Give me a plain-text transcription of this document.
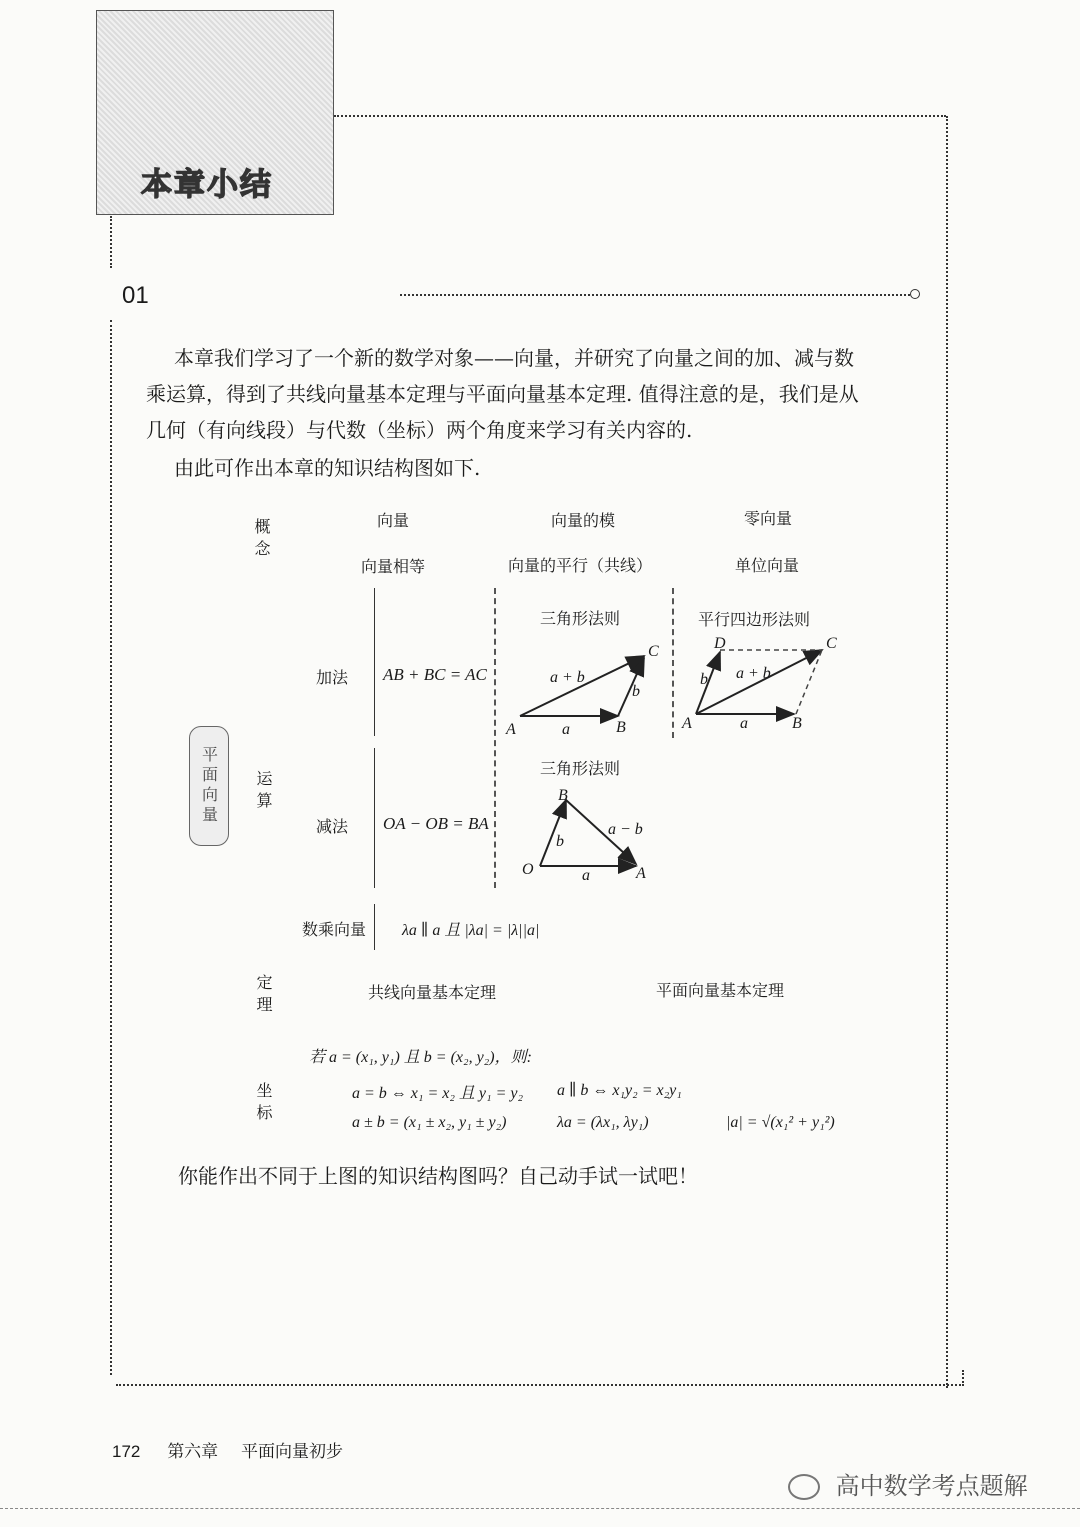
本章小结
01
本章我们学习了一个新的数学对象——向量，并研究了向量之间的加、减与数
乘运算，得到了共线向量基本定理与平面向量基本定理. 值得注意的是，我们是从
几何（有向线段）与代数（坐标）两个角度来学习有关内容的.
由此可作出本章的知识结构图如下.
平面向量
概念	向量	向量的模	零向量
向量相等	向量的平行（共线）	单位向量
运算
加法 AB + BC = AC
三角形法则	平行四边形法则
A	B
C
a
b
a + b
A	B
C
D
a
b a + b
减法 OA − OB = BA
三角形法则
O	A
B
a
b
a − b
数乘向量 λa ∥ a 且 |λa| = |λ||a|
定理	共线向量基本定理	平面向量基本定理
坐标
若 a = (x₁, y₁) 且 b = (x₂, y₂)，则:
a = b ⇔ x₁ = x₂ 且 y₁ = y₂ a ∥ b ⇔ x₁y₂ = x₂y₁
a ± b = (x₁ ± x₂, y₁ ± y₂)	λa = (λx₁, λy₁)	|a| = √(x₁² + y₁²)
你能作出不同于上图的知识结构图吗？自己动手试一试吧！
172 第六章 平面向量初步
高中数学考点题解
